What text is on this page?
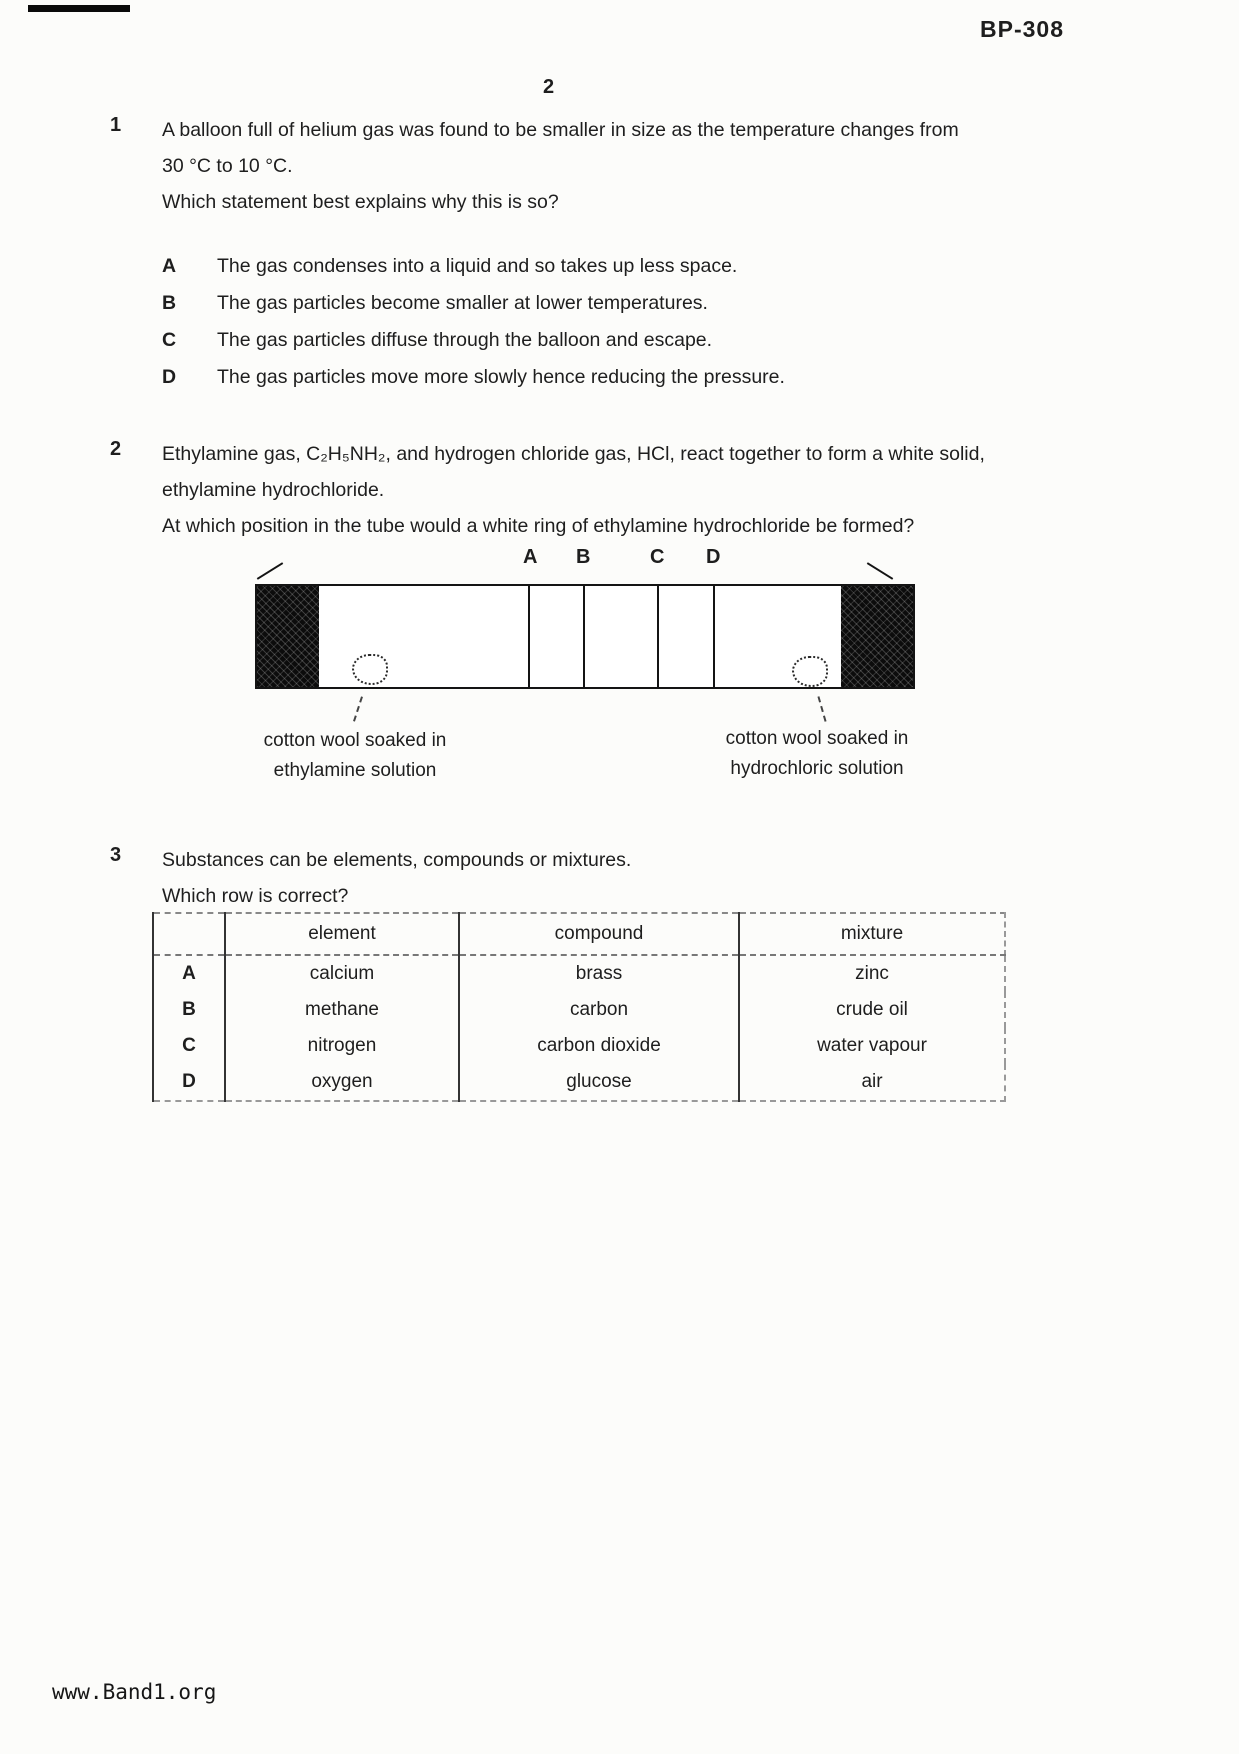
BP-308
2
1 A balloon full of helium gas was found to be smaller in size as the temperature changes from
30 °C to 10 °C.
Which statement best explains why this is so?
A	The gas condenses into a liquid and so takes up less space.
B	The gas particles become smaller at lower temperatures.
C	The gas particles diffuse through the balloon and escape.
D	The gas particles move more slowly hence reducing the pressure.
2 Ethylamine gas, C₂H₅NH₂, and hydrogen chloride gas, HCl, react together to form a white solid,
ethylamine hydrochloride.
At which position in the tube would a white ring of ethylamine hydrochloride be formed?
A B	C D
cotton wool soaked in
ethylamine solution
cotton wool soaked in
hydrochloric solution
3 Substances can be elements, compounds or mixtures.
Which row is correct?
	element	compound	mixture
A	calcium	brass	zinc
B	methane	carbon	crude oil
C	nitrogen	carbon dioxide	water vapour
D	oxygen	glucose	air
www.Band1.org
